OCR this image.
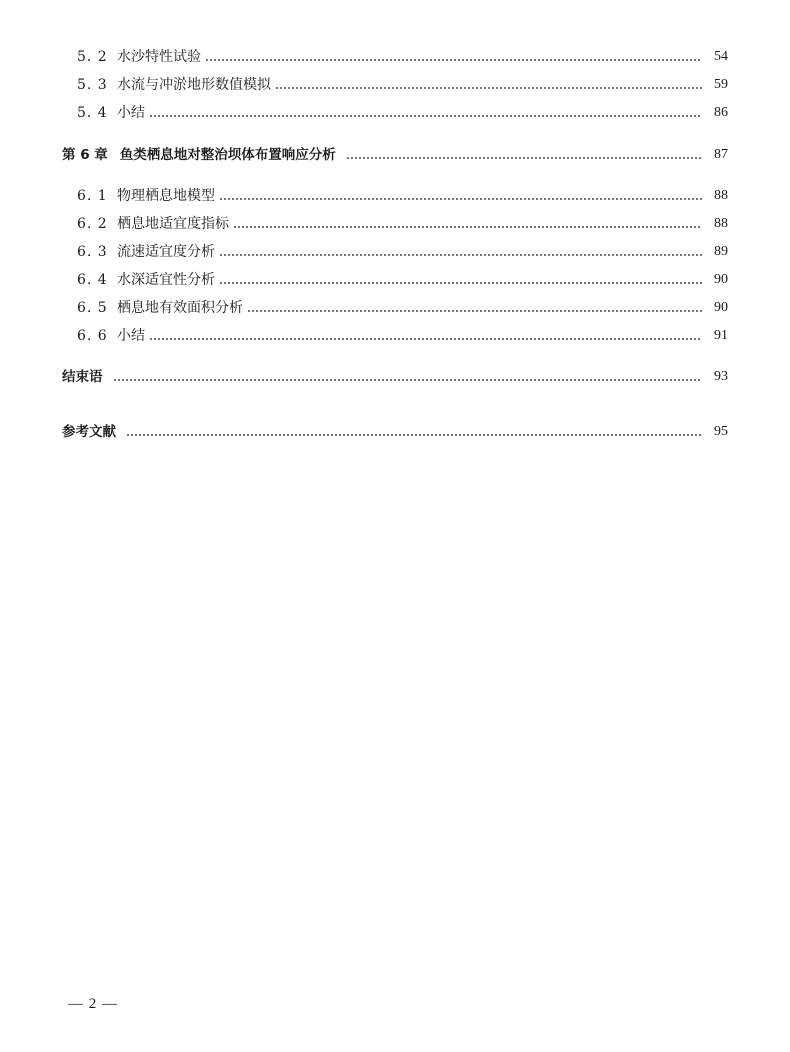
5. 2 水沙特性试验	54
5. 3 水流与冲淤地形数值模拟	59
5. 4 小结	86
第 6 章 鱼类栖息地对整治坝体布置响应分析	87
6. 1 物理栖息地模型	88
6. 2 栖息地适宜度指标	88
6. 3 流速适宜度分析	89
6. 4 水深适宜性分析	90
6. 5 栖息地有效面积分析	90
6. 6 小结	91
结束语	93
参考文献	95
— 2 —
